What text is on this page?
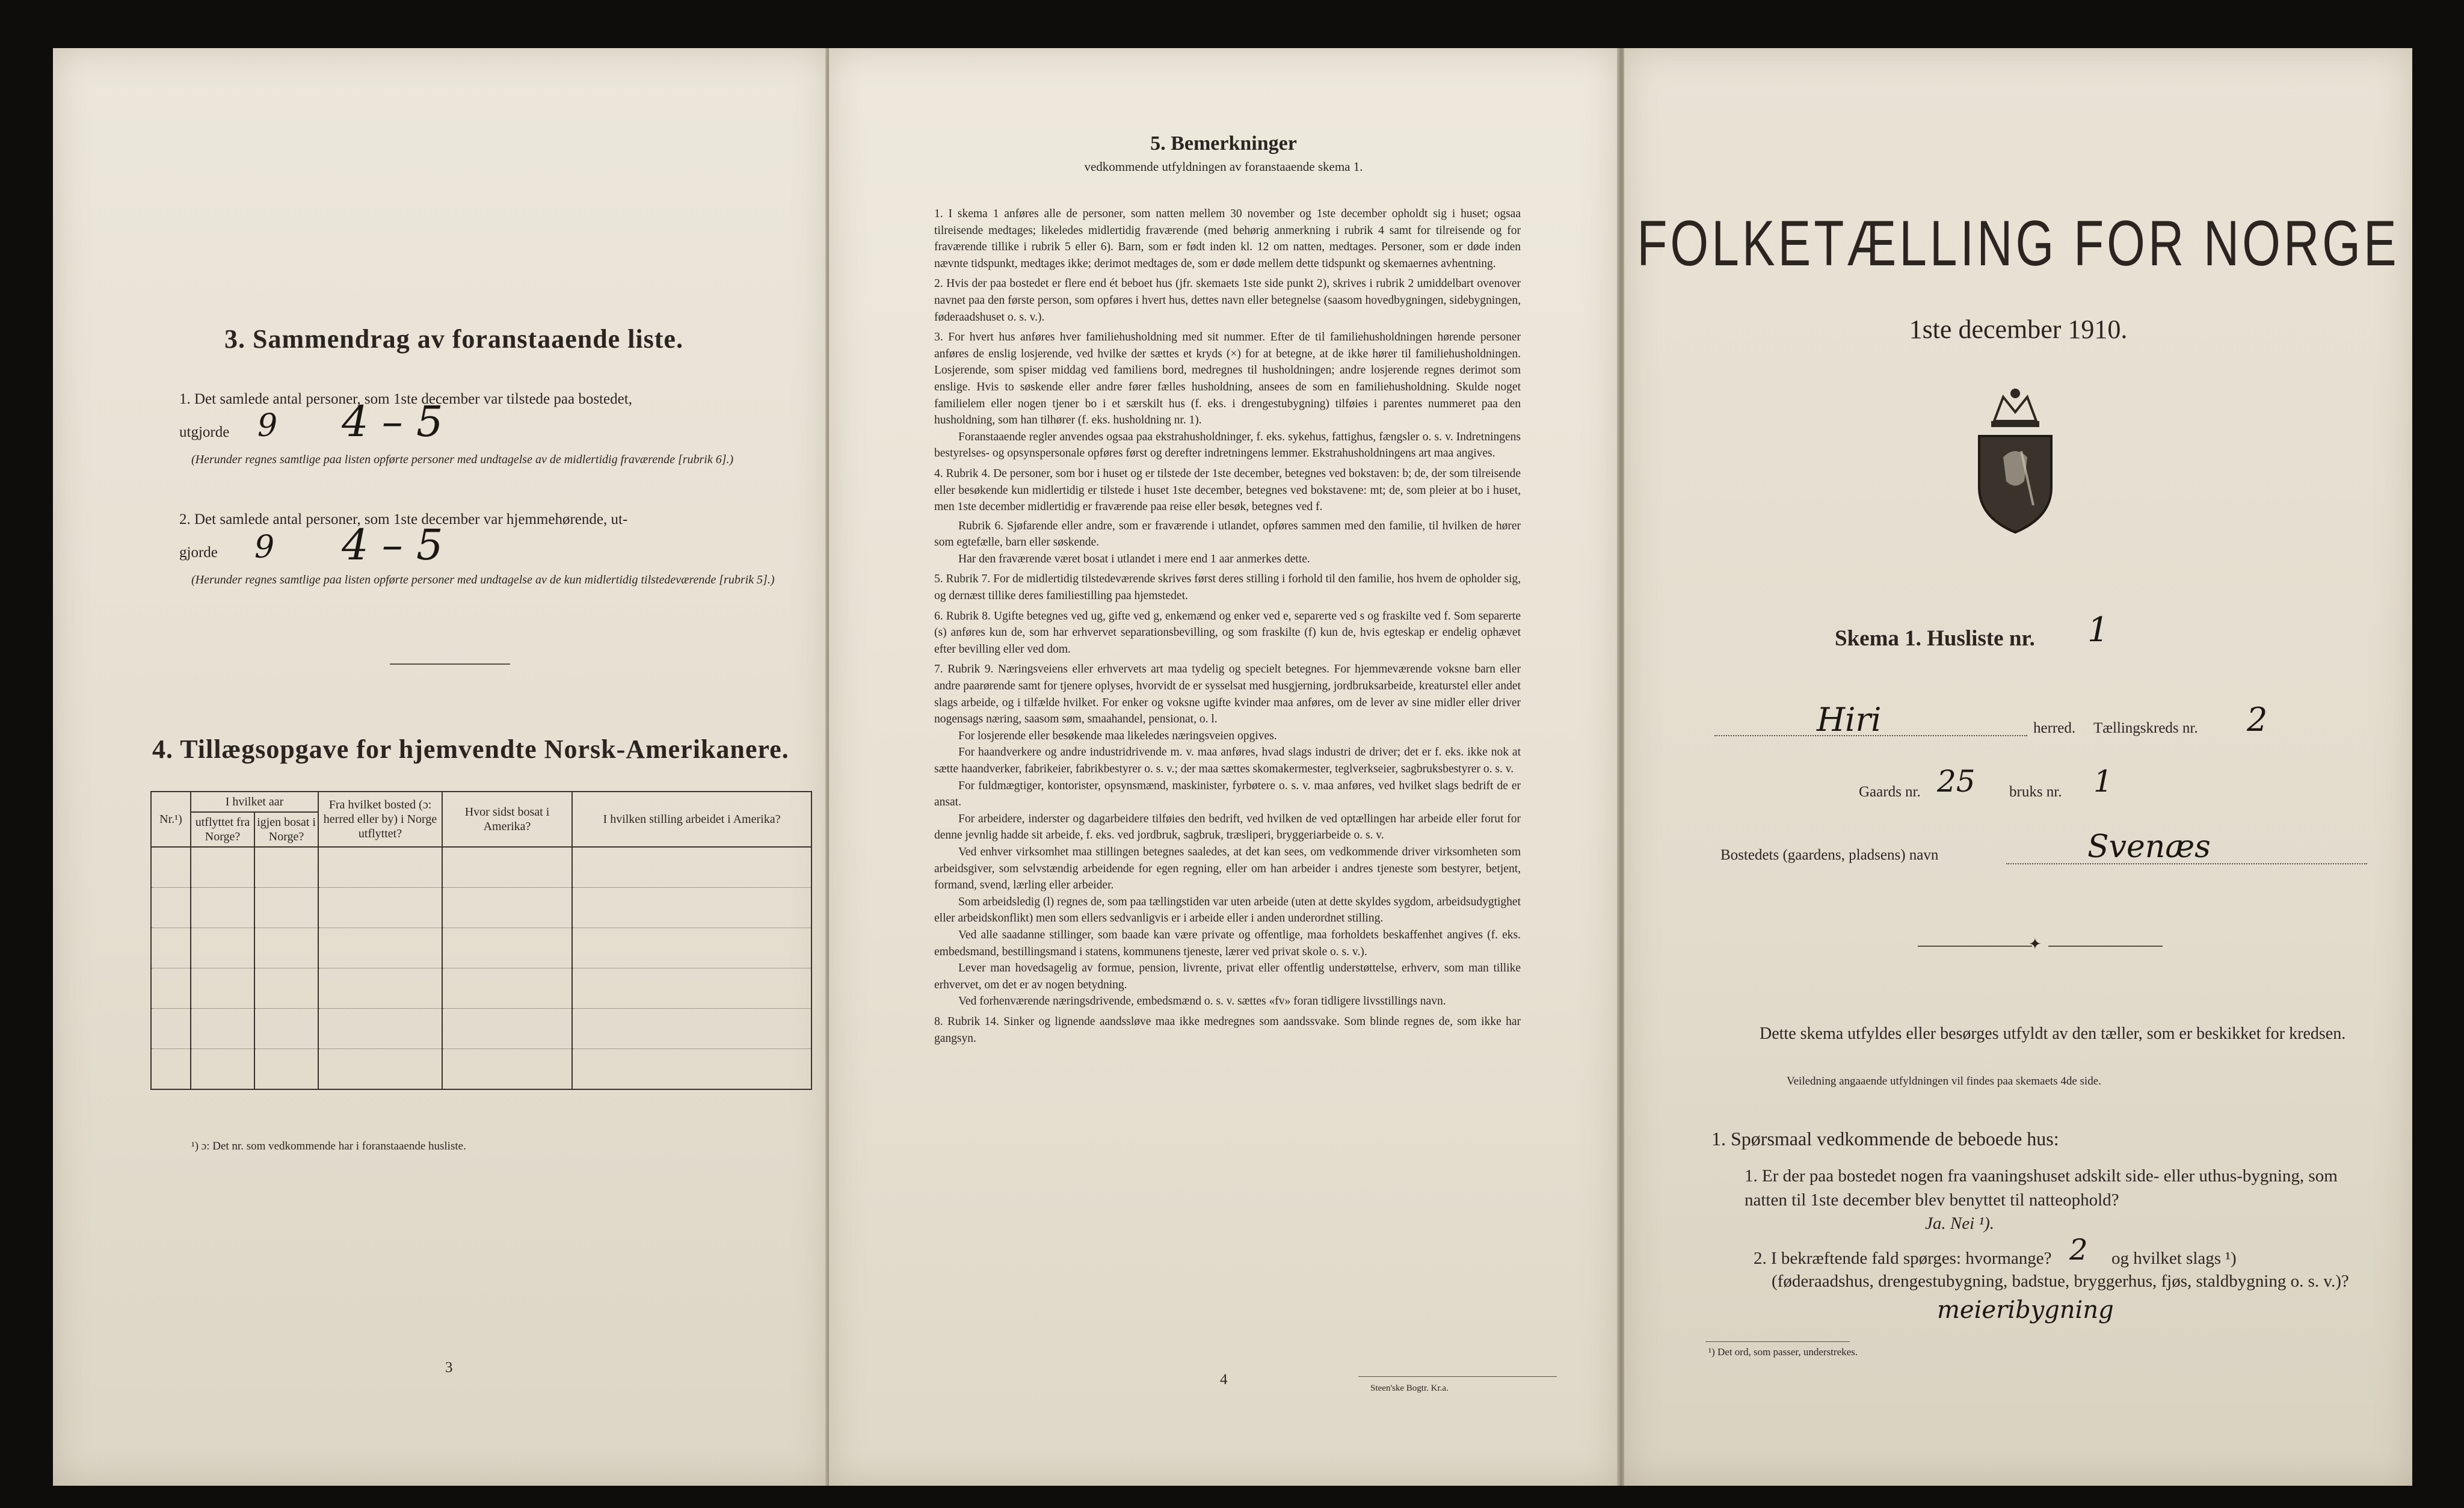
3. Sammendrag av foranstaaende liste.
1. Det samlede antal personer, som 1ste december var tilstede paa bostedet,
utgjorde 9 4 – 5
(Herunder regnes samtlige paa listen opførte personer med undtagelse av de midlertidig fraværende [rubrik 6].)
2. Det samlede antal personer, som 1ste december var hjemmehørende, ut-
gjorde 9 4 – 5
(Herunder regnes samtlige paa listen opførte personer med undtagelse av de kun midlertidig tilstedeværende [rubrik 5].)
4. Tillægsopgave for hjemvendte Norsk-Amerikanere.
Nr.¹)	I hvilket aar		Fra hvilket bosted (ɔ: herred eller by) i Norge utflyttet?	Hvor sidst bosat i Amerika?	I hvilken stilling arbeidet i Amerika?
	utflyttet fra Norge?	igjen bosat i Norge?			

¹) ɔ: Det nr. som vedkommende har i foranstaaende husliste.
3
5. Bemerkninger
vedkommende utfyldningen av foranstaaende skema 1.
1. I skema 1 anføres alle de personer, som natten mellem 30 november og 1ste december opholdt sig i huset; ogsaa tilreisende medtages; likeledes midlertidig fraværende (med behørig anmerkning i rubrik 4 samt for tilreisende og for fraværende tillike i rubrik 5 eller 6). Barn, som er født inden kl. 12 om natten, medtages. Personer, som er døde inden nævnte tidspunkt, medtages ikke; derimot medtages de, som er døde mellem dette tidspunkt og skemaernes avhentning.
2. Hvis der paa bostedet er flere end ét beboet hus (jfr. skemaets 1ste side punkt 2), skrives i rubrik 2 umiddelbart ovenover navnet paa den første person, som opføres i hvert hus, dettes navn eller betegnelse (saasom hovedbygningen, sidebygningen, føderaadshuset o. s. v.).
3. For hvert hus anføres hver familiehusholdning med sit nummer. Efter de til familiehusholdningen hørende personer anføres de enslig losjerende, ved hvilke der sættes et kryds (×) for at betegne, at de ikke hører til familiehusholdningen. Losjerende, som spiser middag ved familiens bord, medregnes til husholdningen; andre losjerende regnes derimot som enslige. Hvis to søskende eller andre fører fælles husholdning, ansees de som en familiehusholdning. Skulde noget familielem eller nogen tjener bo i et særskilt hus (f. eks. i drengestubygning) tilføies i parentes nummeret paa den husholdning, som han tilhører (f. eks. husholdning nr. 1).
Foranstaaende regler anvendes ogsaa paa ekstrahusholdninger, f. eks. sykehus, fattighus, fængsler o. s. v. Indretningens bestyrelses- og opsynspersonale opføres først og derefter indretningens lemmer. Ekstrahusholdningens art maa angives.
4. Rubrik 4. De personer, som bor i huset og er tilstede der 1ste december, betegnes ved bokstaven: b; de, der som tilreisende eller besøkende kun midlertidig er tilstede i huset 1ste december, betegnes ved bokstavene: mt; de, som pleier at bo i huset, men 1ste december midlertidig er fraværende paa reise eller besøk, betegnes ved f.
Rubrik 6. Sjøfarende eller andre, som er fraværende i utlandet, opføres sammen med den familie, til hvilken de hører som egtefælle, barn eller søskende.
Har den fraværende været bosat i utlandet i mere end 1 aar anmerkes dette.
5. Rubrik 7. For de midlertidig tilstedeværende skrives først deres stilling i forhold til den familie, hos hvem de opholder sig, og dernæst tillike deres familiestilling paa hjemstedet.
6. Rubrik 8. Ugifte betegnes ved ug, gifte ved g, enkemænd og enker ved e, separerte ved s og fraskilte ved f. Som separerte (s) anføres kun de, som har erhvervet separationsbevilling, og som fraskilte (f) kun de, hvis egteskap er endelig ophævet efter bevilling eller ved dom.
7. Rubrik 9. Næringsveiens eller erhvervets art maa tydelig og specielt betegnes. For hjemmeværende voksne barn eller andre paarørende samt for tjenere oplyses, hvorvidt de er sysselsat med husgjerning, jordbruksarbeide, kreaturstel eller andet slags arbeide, og i tilfælde hvilket. For enker og voksne ugifte kvinder maa anføres, om de lever av sine midler eller driver nogensags næring, saasom søm, smaahandel, pensionat, o. l.
For losjerende eller besøkende maa likeledes næringsveien opgives.
For haandverkere og andre industridrivende m. v. maa anføres, hvad slags industri de driver; det er f. eks. ikke nok at sætte haandverker, fabrikeier, fabrikbestyrer o. s. v.; der maa sættes skomakermester, teglverkseier, sagbruksbestyrer o. s. v.
For fuldmægtiger, kontorister, opsynsmænd, maskinister, fyrbøtere o. s. v. maa anføres, ved hvilket slags bedrift de er ansat.
For arbeidere, inderster og dagarbeidere tilføies den bedrift, ved hvilken de ved optællingen har arbeide eller forut for denne jevnlig hadde sit arbeide, f. eks. ved jordbruk, sagbruk, træsliperi, bryggeriarbeide o. s. v.
Ved enhver virksomhet maa stillingen betegnes saaledes, at det kan sees, om vedkommende driver virksomheten som arbeidsgiver, som selvstændig arbeidende for egen regning, eller om han arbeider i andres tjeneste som bestyrer, betjent, formand, svend, lærling eller arbeider.
Som arbeidsledig (l) regnes de, som paa tællingstiden var uten arbeide (uten at dette skyldes sygdom, arbeidsudygtighet eller arbeidskonflikt) men som ellers sedvanligvis er i arbeide eller i anden underordnet stilling.
Ved alle saadanne stillinger, som baade kan være private og offentlige, maa forholdets beskaffenhet angives (f. eks. embedsmand, bestillingsmand i statens, kommunens tjeneste, lærer ved privat skole o. s. v.).
Lever man hovedsagelig av formue, pension, livrente, privat eller offentlig understøttelse, erhverv, som man tillike erhvervet, om det er av nogen betydning.
Ved forhenværende næringsdrivende, embedsmænd o. s. v. sættes «fv» foran tidligere livsstillings navn.
8. Rubrik 14. Sinker og lignende aandssløve maa ikke medregnes som aandssvake. Som blinde regnes de, som ikke har gangsyn.
4
Steen'ske Bogtr. Kr.a.
FOLKETÆLLING FOR NORGE
1ste december 1910.
Skema 1. Husliste nr. 1
Hiri	herred. Tællingskreds nr. 2
Gaards nr. 25 bruks nr. 1
Bostedets (gaardens, pladsens) navn	Svenæs
✦
Dette skema utfyldes eller besørges utfyldt av den tæller, som er beskikket for kredsen.
Veiledning angaaende utfyldningen vil findes paa skemaets 4de side.
1. Spørsmaal vedkommende de beboede hus:
1. Er der paa bostedet nogen fra vaaningshuset adskilt side- eller uthus-bygning, som natten til 1ste december blev benyttet til natteophold?
Ja. Nei ¹).
2. I bekræftende fald spørges: hvormange? 2 og hvilket slags ¹)
(føderaadshus, drengestubygning, badstue, bryggerhus, fjøs, staldbygning o. s. v.)?
meieribygning
¹) Det ord, som passer, understrekes.
